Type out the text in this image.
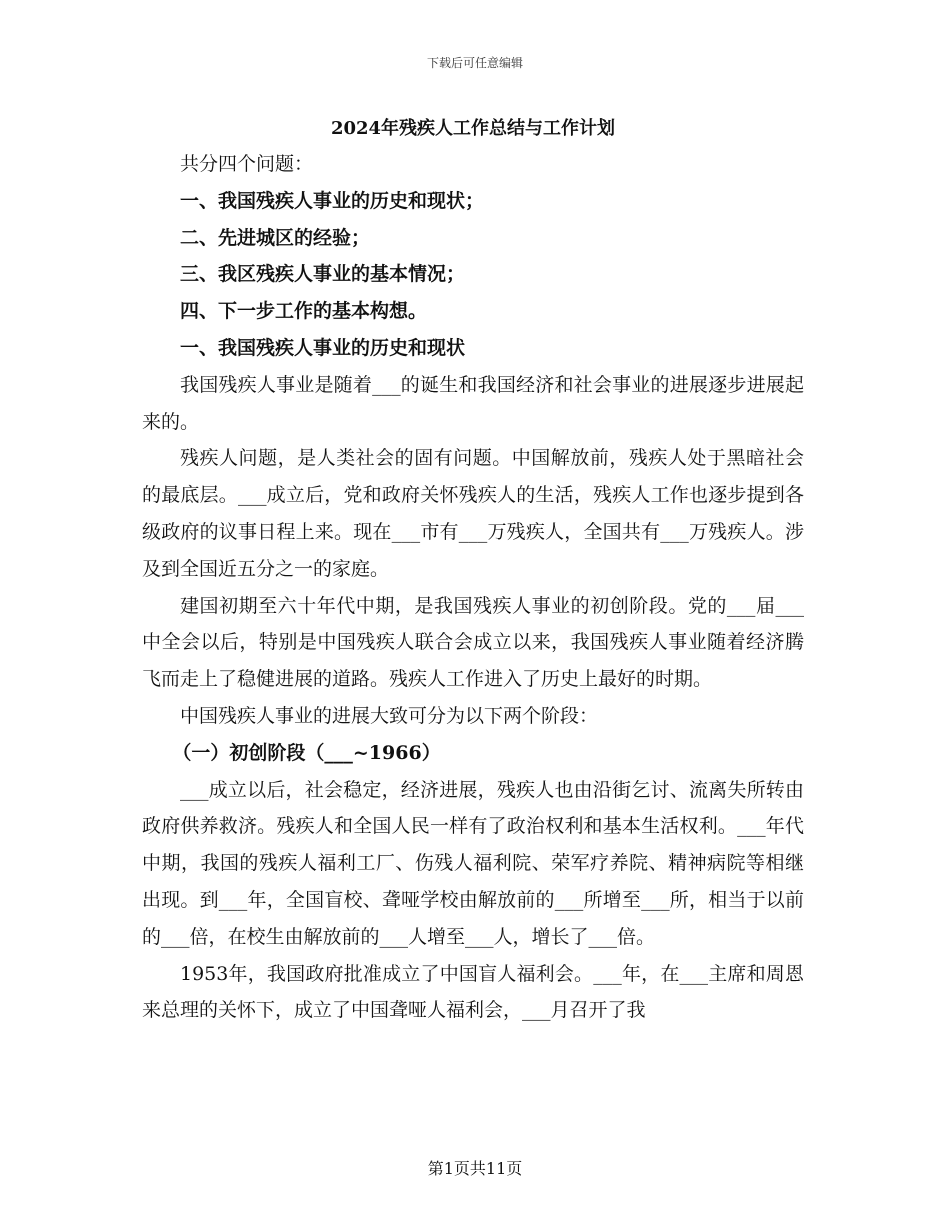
下载后可任意编辑
2024年残疾人工作总结与工作计划

共分四个问题：

一、我国残疾人事业的历史和现状；

二、先进城区的经验；

三、我区残疾人事业的基本情况；

四、下一步工作的基本构想。

一、我国残疾人事业的历史和现状

我国残疾人事业是随着___的诞生和我国经济和社会事业的进展逐步进展起来的。

残疾人问题，是人类社会的固有问题。中国解放前，残疾人处于黑暗社会的最底层。___成立后，党和政府关怀残疾人的生活，残疾人工作也逐步提到各级政府的议事日程上来。现在___市有___万残疾人，全国共有___万残疾人。涉及到全国近五分之一的家庭。

建国初期至六十年代中期，是我国残疾人事业的初创阶段。党的___届___中全会以后，特别是中国残疾人联合会成立以来，我国残疾人事业随着经济腾飞而走上了稳健进展的道路。残疾人工作进入了历史上最好的时期。

中国残疾人事业的进展大致可分为以下两个阶段：

（一）初创阶段（___~1966）

___成立以后，社会稳定，经济进展，残疾人也由沿街乞讨、流离失所转由政府供养救济。残疾人和全国人民一样有了政治权利和基本生活权利。___年代中期，我国的残疾人福利工厂、伤残人福利院、荣军疗养院、精神病院等相继出现。到___年，全国盲校、聋哑学校由解放前的___所增至___所，相当于以前的___倍，在校生由解放前的___人增至___人，增长了___倍。

1953年，我国政府批准成立了中国盲人福利会。___年，在___主席和周恩来总理的关怀下，成立了中国聋哑人福利会，___月召开了我

第1页共11页
